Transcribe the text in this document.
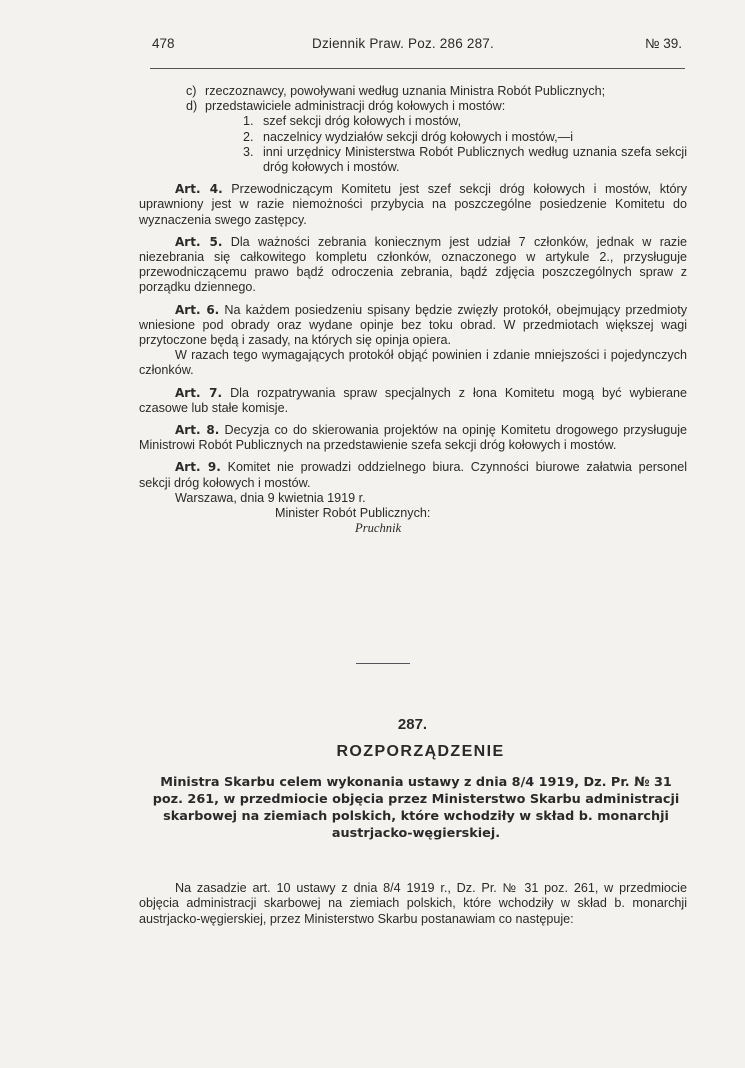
478	Dziennik Praw. Poz. 286 287.	№ 39.

c) rzeczoznawcy, powoływani według uznania Ministra Robót Publicznych;

d) przedstawiciele administracji dróg kołowych i mostów:

1. szef sekcji dróg kołowych i mostów,

2. naczelnicy wydziałów sekcji dróg kołowych i mostów,—i

3. inni urzędnicy Ministerstwa Robót Publicznych według uznania szefa sekcji dróg kołowych i mostów.

Art. 4. Przewodniczącym Komitetu jest szef sekcji dróg kołowych i mostów, który uprawniony jest w razie niemożności przybycia na poszczególne posiedzenie Komitetu do wyznaczenia swego zastępcy.

Art. 5. Dla ważności zebrania koniecznym jest udział 7 członków, jednak w razie niezebrania się całkowitego kompletu członków, oznaczonego w artykule 2., przysługuje przewodniczącemu prawo bądź odroczenia zebrania, bądź zdjęcia poszczególnych spraw z porządku dziennego.

Art. 6. Na każdem posiedzeniu spisany będzie zwięzły protokół, obejmujący przedmioty wniesione pod obrady oraz wydane opinje bez toku obrad. W przedmiotach większej wagi przytoczone będą i zasady, na których się opinja opiera.

W razach tego wymagających protokół objąć powinien i zdanie mniejszości i pojedynczych członków.

Art. 7. Dla rozpatrywania spraw specjalnych z łona Komitetu mogą być wybierane czasowe lub stałe komisje.

Art. 8. Decyzja co do skierowania projektów na opinję Komitetu drogowego przysługuje Ministrowi Robót Publicznych na przedstawienie szefa sekcji dróg kołowych i mostów.

Art. 9. Komitet nie prowadzi oddzielnego biura. Czynności biurowe załatwia personel sekcji dróg kołowych i mostów.

Warszawa, dnia 9 kwietnia 1919 r.

Minister Robót Publicznych:

Pruchnik

287.
ROZPORZĄDZENIE
Ministra Skarbu celem wykonania ustawy z dnia 8/4 1919, Dz. Pr. № 31 poz. 261, w przedmiocie objęcia przez Ministerstwo Skarbu administracji skarbowej na ziemiach polskich, które wchodziły w skład b. monarchji austrjacko-węgierskiej.

Na zasadzie art. 10 ustawy z dnia 8/4 1919 r., Dz. Pr. № 31 poz. 261, w przedmiocie objęcia administracji skarbowej na ziemiach polskich, które wchodziły w skład b. monarchji austrjacko-węgierskiej, przez Ministerstwo Skarbu postanawiam co następuje:
